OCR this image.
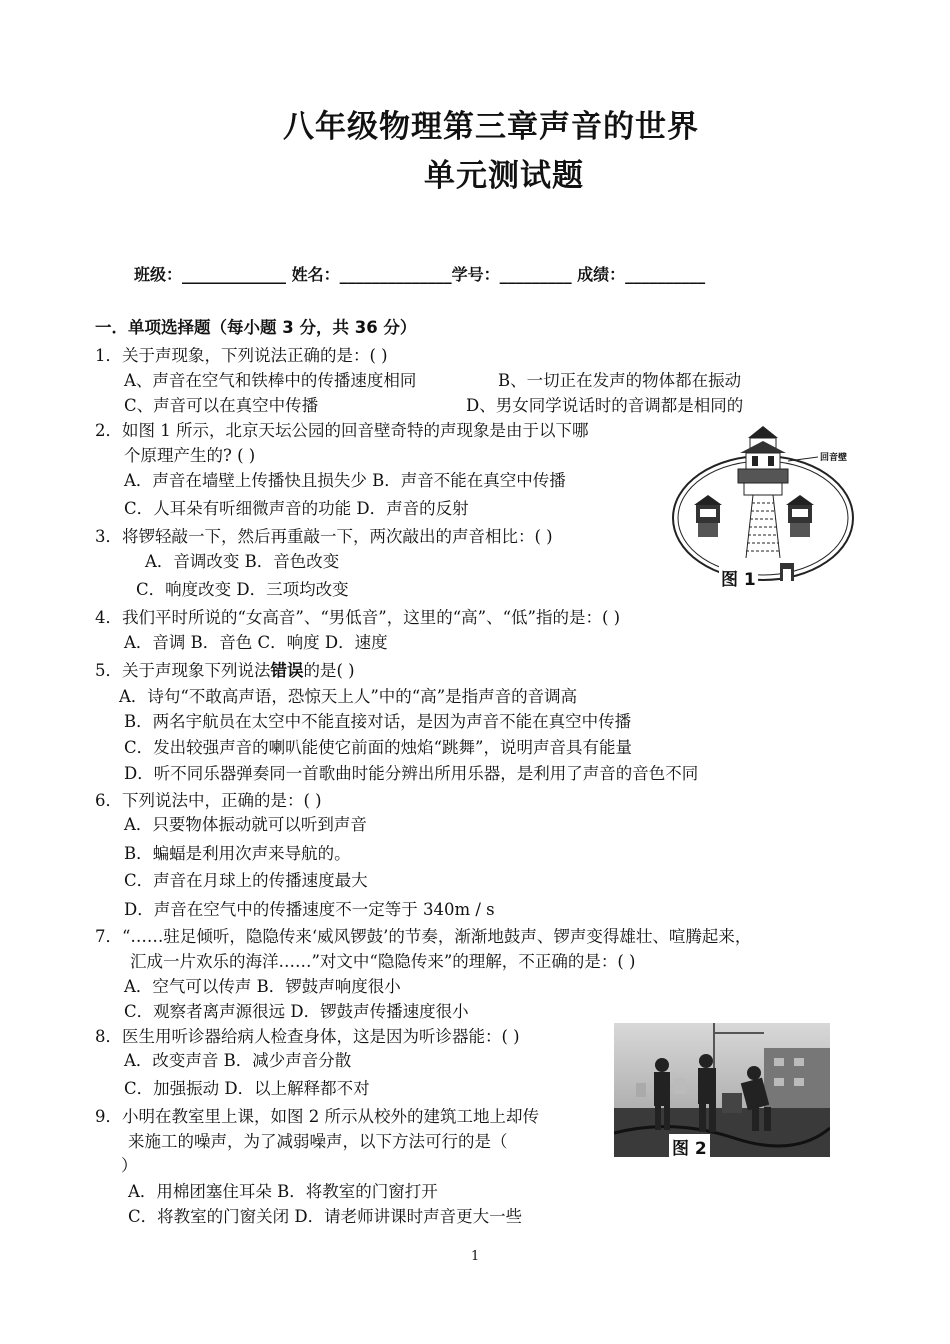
八年级物理第三章声音的世界
单元测试题
班级：_____________ 姓名：______________学号：_________ 成绩：__________
一．单项选择题（每小题 3 分，共 36 分）
1．关于声现象，下列说法正确的是：( )
A、声音在空气和铁棒中的传播速度相同	B、一切正在发声的物体都在振动
C、声音可以在真空中传播	D、男女同学说话时的音调都是相同的
2．如图 1 所示，北京天坛公园的回音壁奇特的声现象是由于以下哪
个原理产生的? ( )
A．声音在墙壁上传播快且损失少 B．声音不能在真空中传播
C．人耳朵有听细微声音的功能 D．声音的反射
3．将锣轻敲一下，然后再重敲一下，两次敲出的声音相比：( )
A．音调改变 B．音色改变
C．响度改变 D．三项均改变
回音壁
图 1
4．我们平时所说的“女高音”、“男低音”，这里的“高”、“低”指的是：( )
A．音调 B．音色 C．响度 D．速度
5．关于声现象下列说法错误的是( )
A．诗句“不敢高声语，恐惊天上人”中的“高”是指声音的音调高
B．两名宇航员在太空中不能直接对话，是因为声音不能在真空中传播
C．发出较强声音的喇叭能使它前面的烛焰“跳舞”，说明声音具有能量
D．听不同乐器弹奏同一首歌曲时能分辨出所用乐器，是利用了声音的音色不同
6．下列说法中，正确的是：( )
A．只要物体振动就可以听到声音
B．蝙蝠是利用次声来导航的。
C．声音在月球上的传播速度最大
D．声音在空气中的传播速度不一定等于 340m / s
7．“……驻足倾听，隐隐传来‘威风锣鼓’的节奏，渐渐地鼓声、锣声变得雄壮、喧腾起来，
汇成一片欢乐的海洋……”对文中“隐隐传来”的理解，不正确的是：( )
A．空气可以传声 B．锣鼓声响度很小
C．观察者离声源很远 D．锣鼓声传播速度很小
8．医生用听诊器给病人检查身体，这是因为听诊器能：( )
A．改变声音 B．减少声音分散
C．加强振动 D．以上解释都不对
图 2
9．小明在教室里上课，如图 2 所示从校外的建筑工地上却传
来施工的噪声，为了减弱噪声，以下方法可行的是（
）
A．用棉团塞住耳朵 B．将教室的门窗打开
C．将教室的门窗关闭 D．请老师讲课时声音更大一些
1
